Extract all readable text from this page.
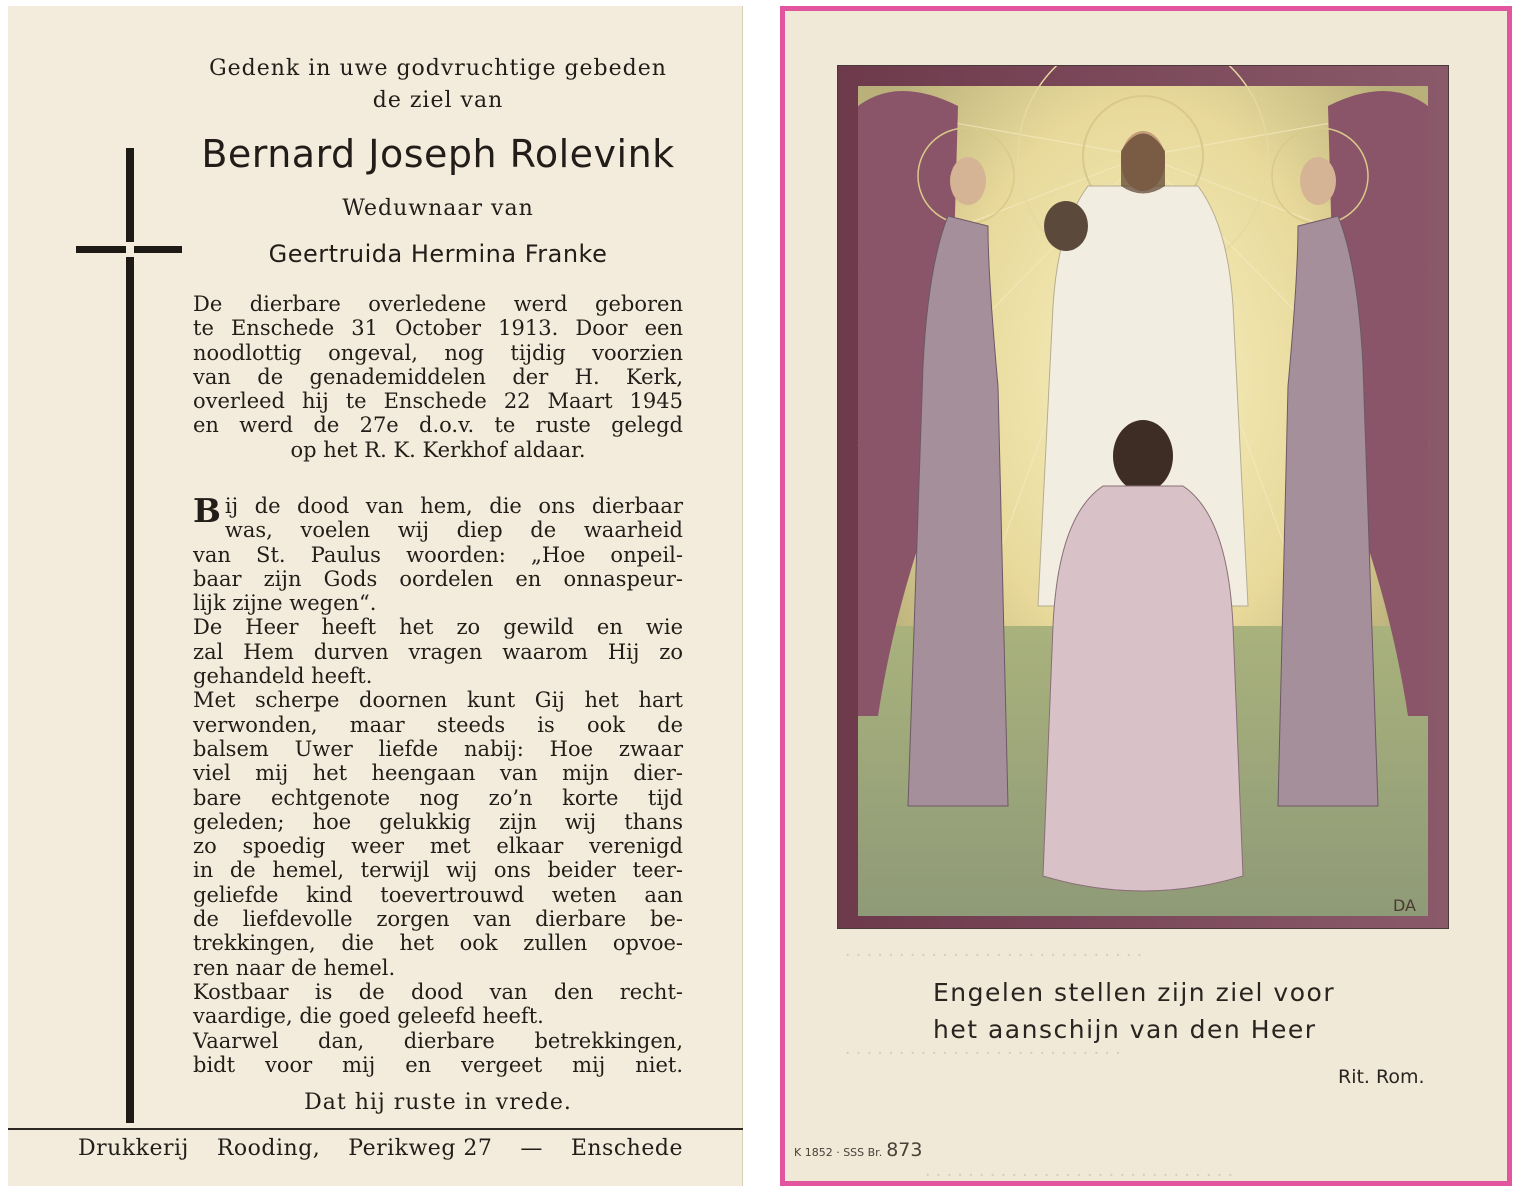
Gedenk in uwe godvruchtige gebeden
de ziel van
Bernard Joseph Rolevink
Weduwnaar van
Geertruida Hermina Franke
De dierbare overledene werd geboren
te Enschede 31 October 1913. Door een
noodlottig ongeval, nog tijdig voorzien
van de genademiddelen der H. Kerk,
overleed hij te Enschede 22 Maart 1945
en werd de 27e d.o.v. te ruste gelegd
op het R. K. Kerkhof aldaar.
B ij de dood van hem, die ons dierbaar
was, voelen wij diep de waarheid
van St. Paulus woorden: „Hoe onpeil-
baar zijn Gods oordelen en onnaspeur-
lijk zijne wegen“.
De Heer heeft het zo gewild en wie
zal Hem durven vragen waarom Hij zo
gehandeld heeft.
Met scherpe doornen kunt Gij het hart
verwonden, maar steeds is ook de
balsem Uwer liefde nabij: Hoe zwaar
viel mij het heengaan van mijn dier-
bare echtgenote nog zo’n korte tijd
geleden; hoe gelukkig zijn wij thans
zo spoedig weer met elkaar verenigd
in de hemel, terwijl wij ons beider teer-
geliefde kind toevertrouwd weten aan
de liefdevolle zorgen van dierbare be-
trekkingen, die het ook zullen opvoe-
ren naar de hemel.
Kostbaar is de dood van den recht-
vaardige, die goed geleefd heeft.
Vaarwel dan, dierbare betrekkingen,
bidt voor mij en vergeet mij niet.
Dat hij ruste in vrede.
Drukkerij Rooding, Perikweg 27 — Enschede
. . . . . . . . . . . . . . . . . . . . . . . . . . . .
. . . . . . . . . . . . . . . . . . . . . . . . . .
. . . . . . . . . . . . . . . . . . . . . . . . . . . . .
DA
Engelen stellen zijn ziel voor
het aanschijn van den Heer
Rit. Rom.
K 1852 · SSS Br. 873
